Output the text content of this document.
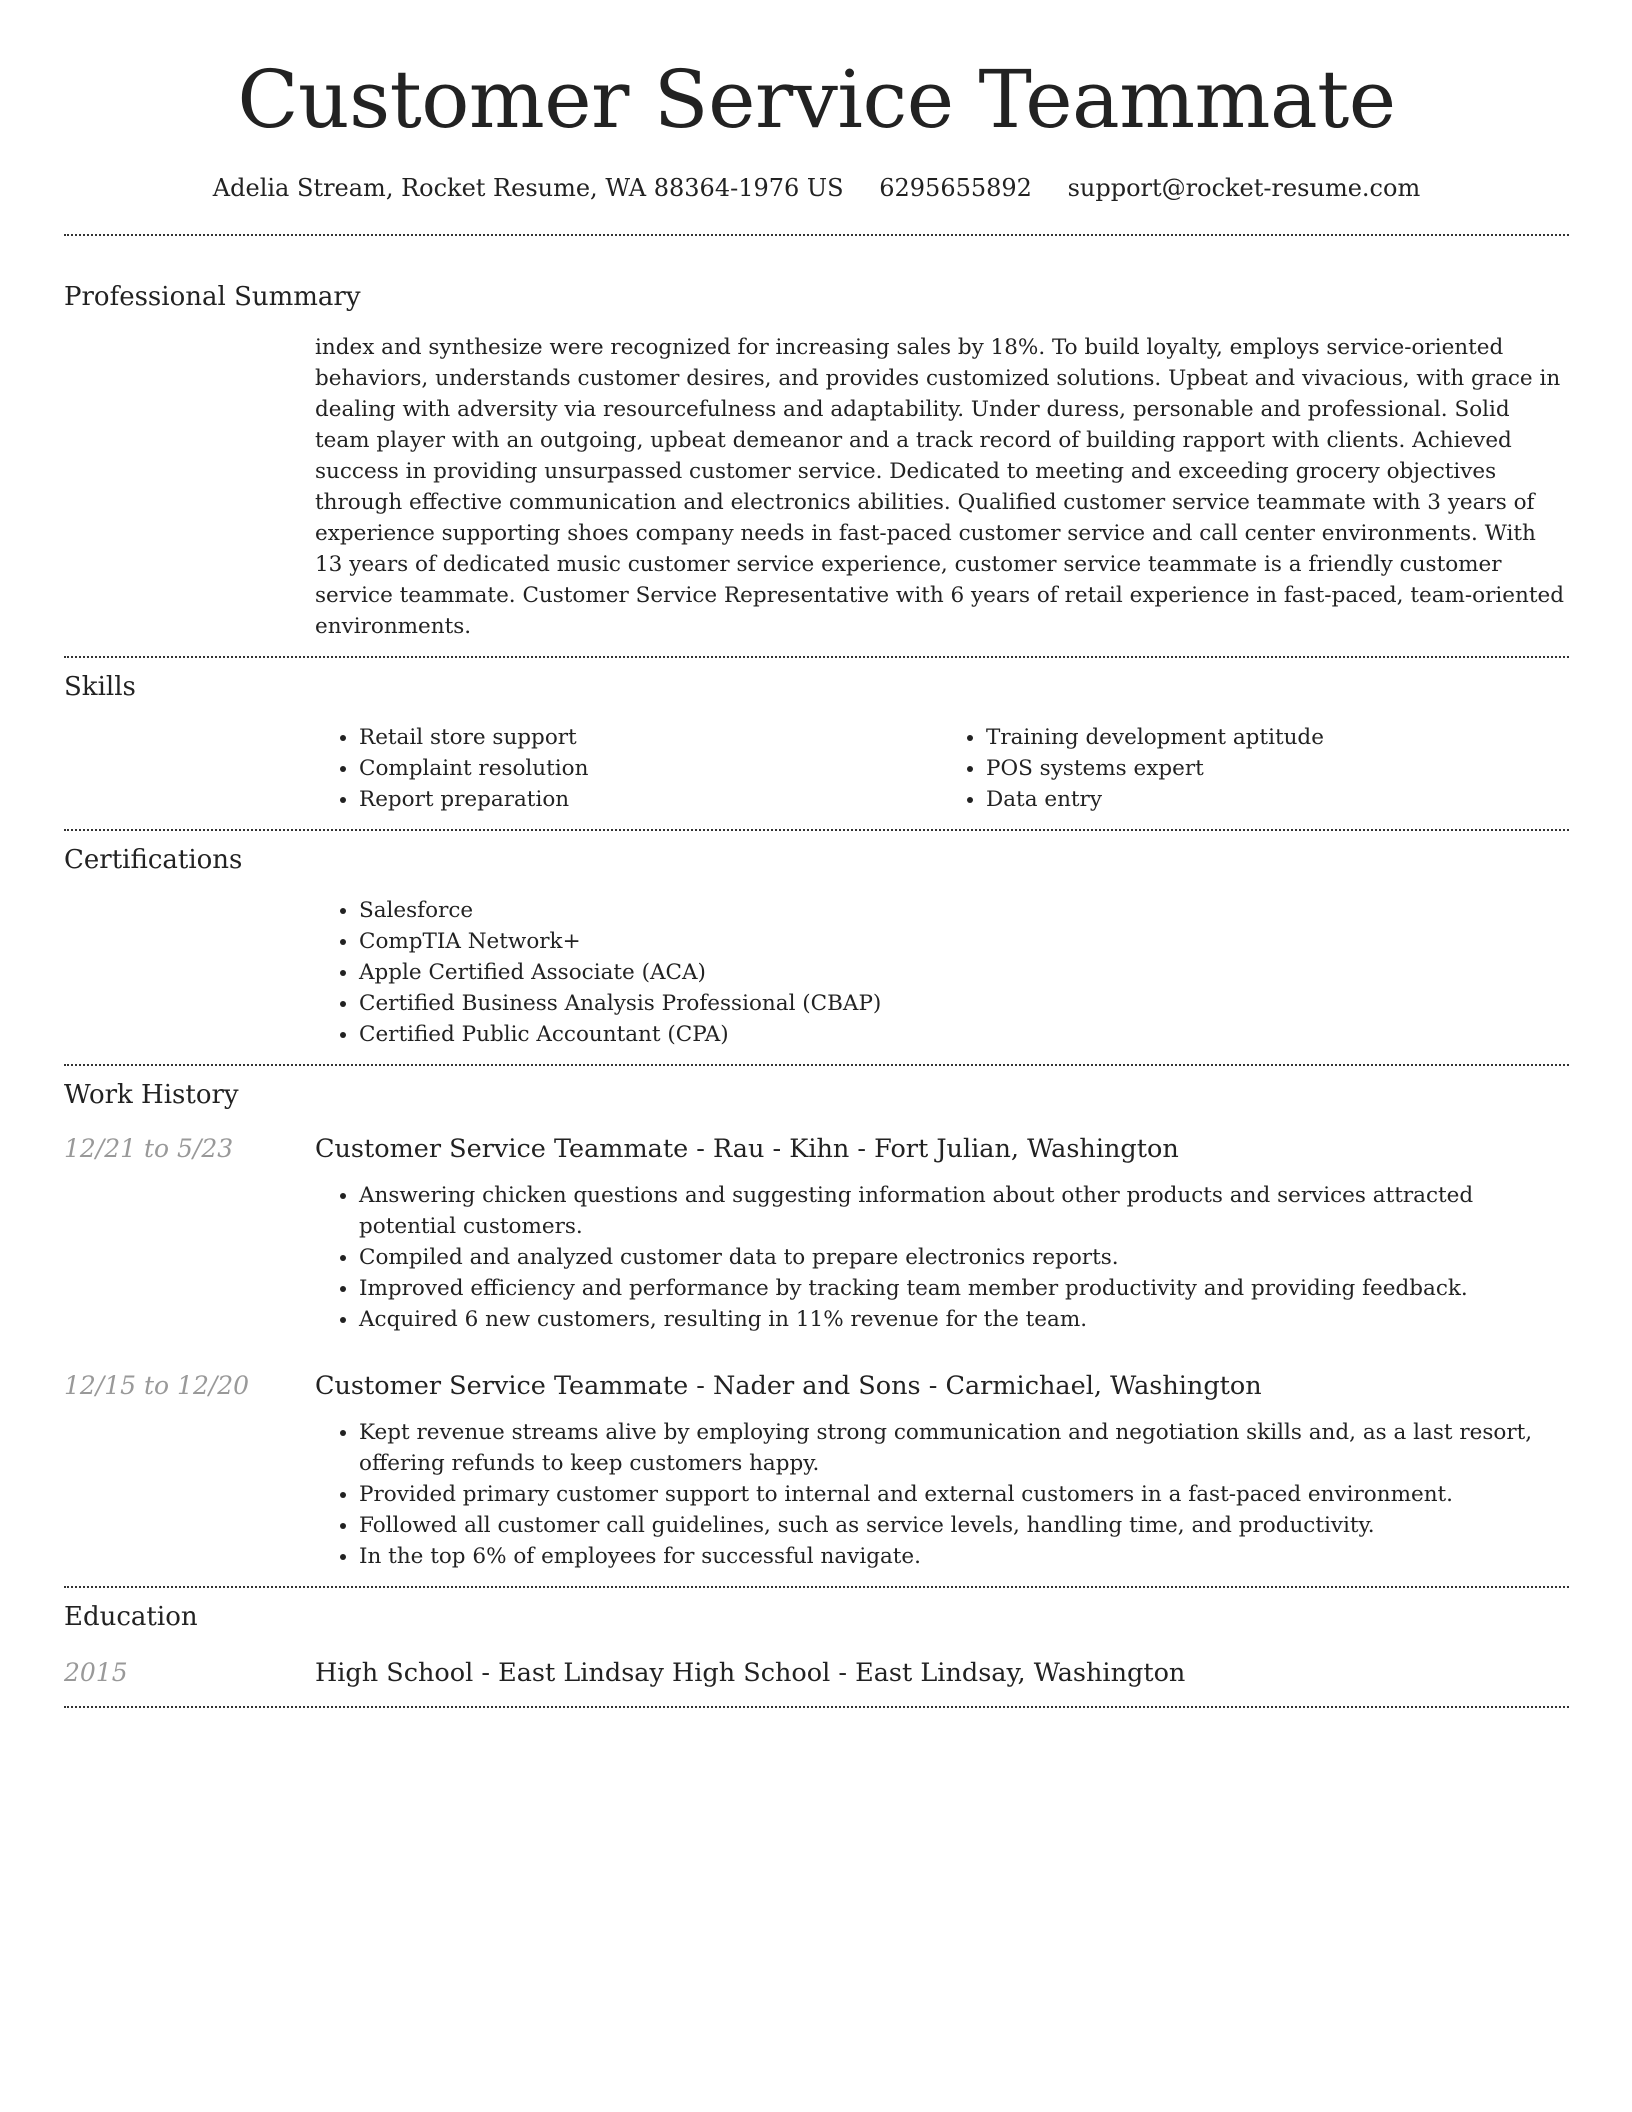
Customer Service Teammate
Adelia Stream, Rocket Resume, WA 88364-1976 US 6295655892 support@rocket-resume.com
Professional Summary

index and synthesize were recognized for increasing sales by 18%. To build loyalty, employs service-oriented behaviors, understands customer desires, and provides customized solutions. Upbeat and vivacious, with grace in dealing with adversity via resourcefulness and adaptability. Under duress, personable and professional. Solid team player with an outgoing, upbeat demeanor and a track record of building rapport with clients. Achieved success in providing unsurpassed customer service. Dedicated to meeting and exceeding grocery objectives through effective communication and electronics abilities. Qualified customer service teammate with 3 years of experience supporting shoes company needs in fast-paced customer service and call center environments. With 13 years of dedicated music customer service experience, customer service teammate is a friendly customer service teammate. Customer Service Representative with 6 years of retail experience in fast-paced, team-oriented environments.

Skills
• Retail store support
• Complaint resolution
• Report preparation
• Training development aptitude
• POS systems expert
• Data entry
Certifications
• Salesforce
• CompTIA Network+
• Apple Certified Associate (ACA)
• Certified Business Analysis Professional (CBAP)
• Certified Public Accountant (CPA)
Work History
12/21 to 5/23	Customer Service Teammate - Rau - Kihn - Fort Julian, Washington
• Answering chicken questions and suggesting information about other products and services attracted potential customers.
• Compiled and analyzed customer data to prepare electronics reports.
• Improved efficiency and performance by tracking team member productivity and providing feedback.
• Acquired 6 new customers, resulting in 11% revenue for the team.
12/15 to 12/20	Customer Service Teammate - Nader and Sons - Carmichael, Washington
• Kept revenue streams alive by employing strong communication and negotiation skills and, as a last resort, offering refunds to keep customers happy.
• Provided primary customer support to internal and external customers in a fast-paced environment.
• Followed all customer call guidelines, such as service levels, handling time, and productivity.
• In the top 6% of employees for successful navigate.
Education
2015	High School - East Lindsay High School - East Lindsay, Washington
